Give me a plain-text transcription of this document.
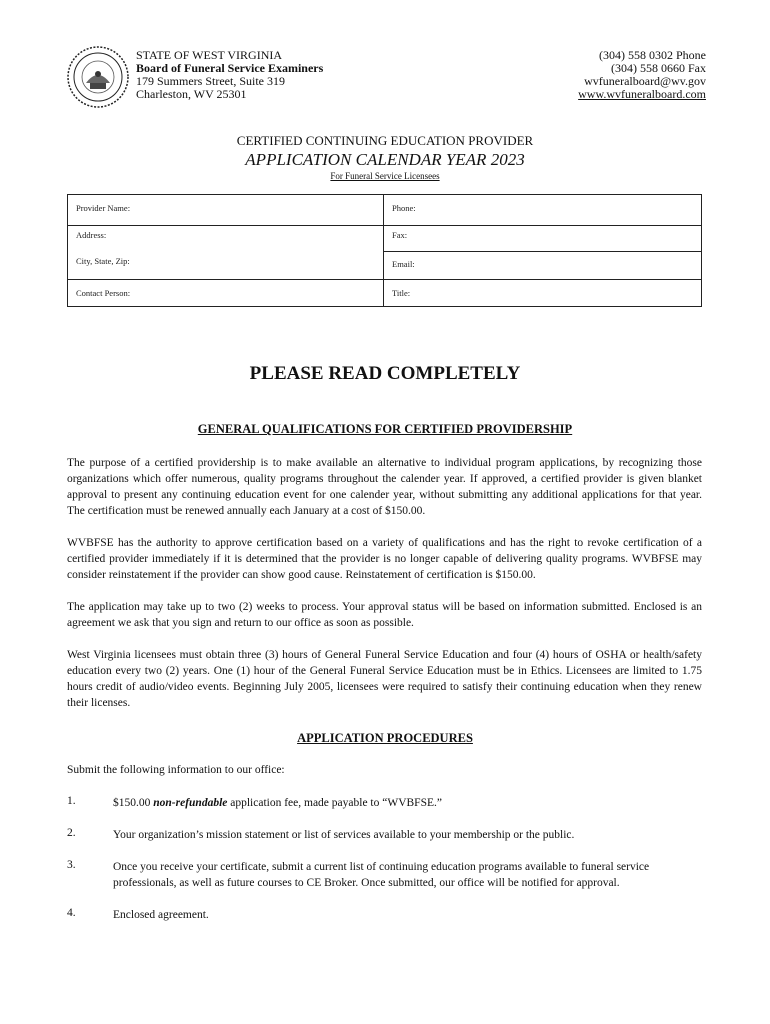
STATE OF WEST VIRGINIA
Board of Funeral Service Examiners
179 Summers Street, Suite 319
Charleston, WV 25301
(304) 558 0302 Phone
(304) 558 0660 Fax
wvfuneralboard@wv.gov
www.wvfuneralboard.com
CERTIFIED CONTINUING EDUCATION PROVIDER
APPLICATION CALENDAR YEAR 2023
For Funeral Service Licensees
Provider Name:	Phone:
Address:	Fax:
City, State, Zip:	Email:
Contact Person:	Title:
PLEASE READ COMPLETELY
GENERAL QUALIFICATIONS FOR CERTIFIED PROVIDERSHIP
The purpose of a certified providership is to make available an alternative to individual program applications, by recognizing those organizations which offer numerous, quality programs throughout the calender year. If approved, a certified provider is given blanket approval to present any continuing education event for one calender year, without submitting any additional applications for that year. The certification must be renewed annually each January at a cost of $150.00.
WVBFSE has the authority to approve certification based on a variety of qualifications and has the right to revoke certification of a certified provider immediately if it is determined that the provider is no longer capable of delivering quality programs. WVBFSE may consider reinstatement if the provider can show good cause. Reinstatement of certification is $150.00.
The application may take up to two (2) weeks to process. Your approval status will be based on information submitted. Enclosed is an agreement we ask that you sign and return to our office as soon as possible.
West Virginia licensees must obtain three (3) hours of General Funeral Service Education and four (4) hours of OSHA or health/safety education every two (2) years. One (1) hour of the General Funeral Service Education must be in Ethics. Licensees are limited to 1.75 hours credit of audio/video events. Beginning July 2005, licensees were required to satisfy their continuing education when they renew their licenses.
APPLICATION PROCEDURES
Submit the following information to our office:
1.	$150.00 non-refundable application fee, made payable to “WVBFSE.”
2.	Your organization’s mission statement or list of services available to your membership or the public.
3.	Once you receive your certificate, submit a current list of continuing education programs available to funeral service professionals, as well as future courses to CE Broker. Once submitted, our office will be notified for approval.
4.	Enclosed agreement.
